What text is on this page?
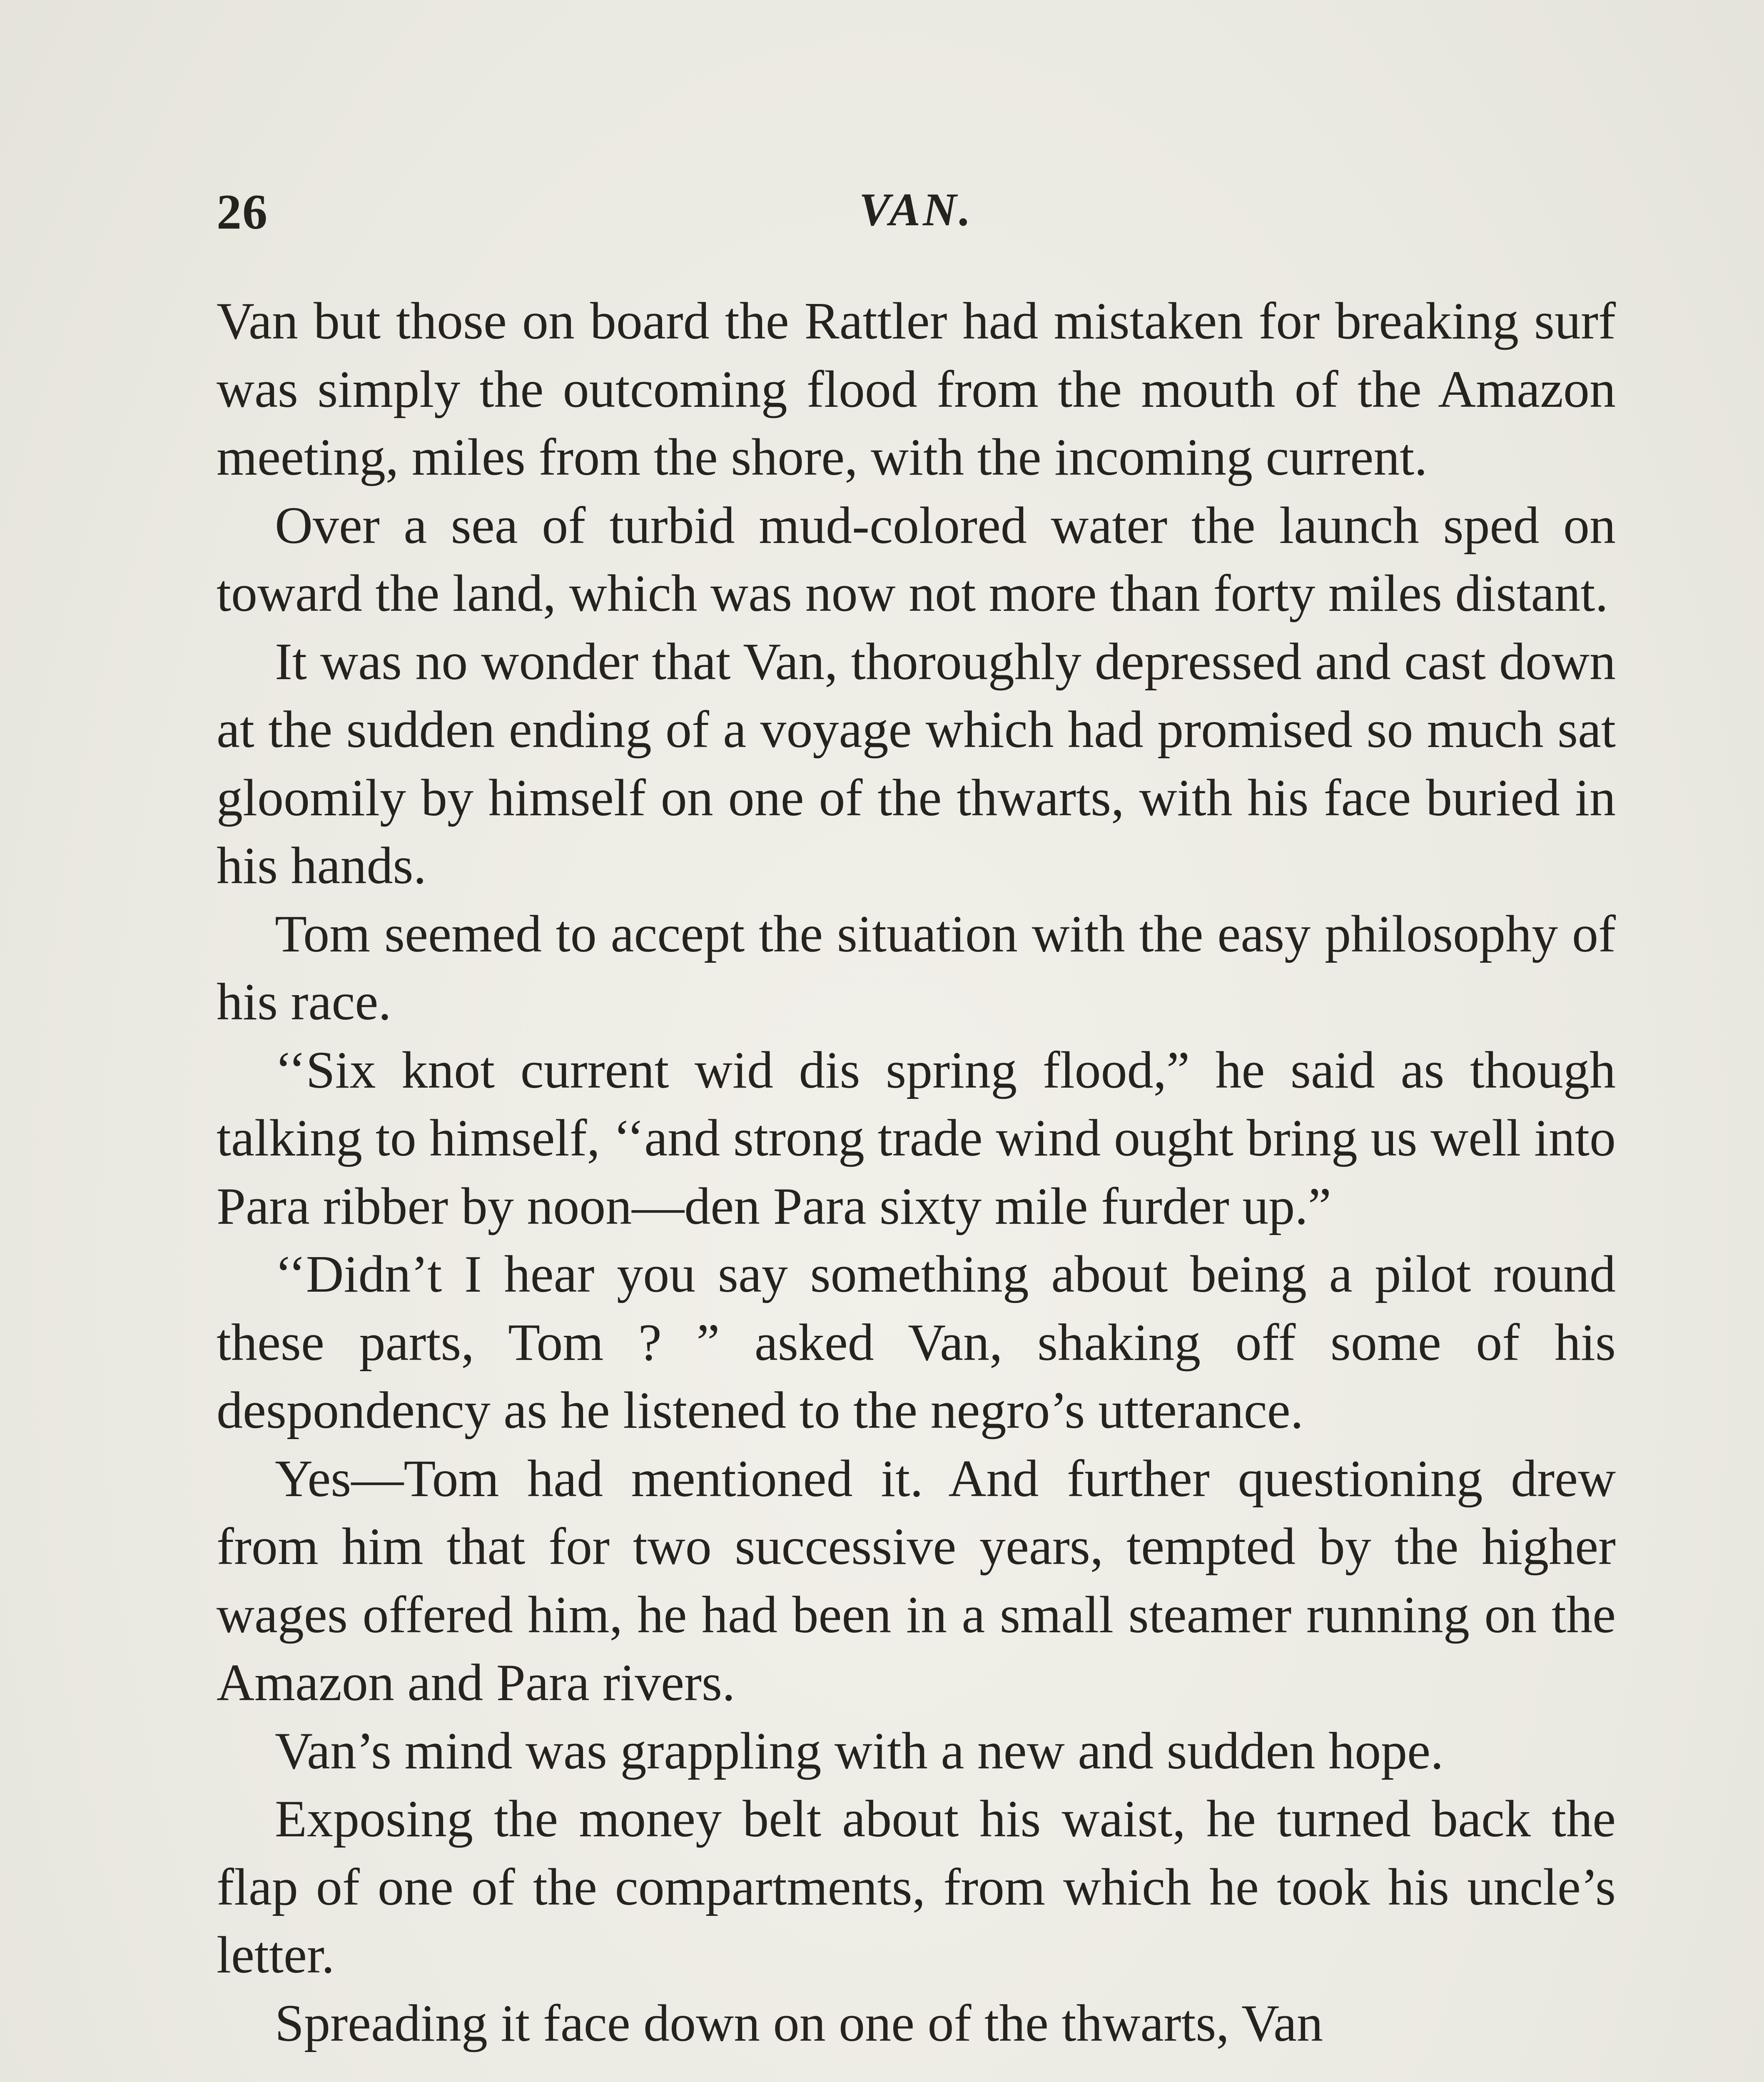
26	VAN.

Van but those on board the Rattler had mistaken for breaking surf was simply the outcoming flood from the mouth of the Amazon meeting, miles from the shore, with the incoming current.

Over a sea of turbid mud-colored water the launch sped on toward the land, which was now not more than forty miles distant.

It was no wonder that Van, thoroughly depressed and cast down at the sudden ending of a voyage which had promised so much sat gloomily by himself on one of the thwarts, with his face buried in his hands.

Tom seemed to accept the situation with the easy philosophy of his race.

‘‘Six knot current wid dis spring flood,” he said as though talking to himself, ‘‘and strong trade wind ought bring us well into Para ribber by noon—den Para sixty mile furder up.”

‘‘Didn’t I hear you say something about being a pilot round these parts, Tom ? ” asked Van, shaking off some of his despondency as he listened to the negro’s utterance.

Yes—Tom had mentioned it. And further questioning drew from him that for two successive years, tempted by the higher wages offered him, he had been in a small steamer running on the Amazon and Para rivers.

Van’s mind was grappling with a new and sudden hope.

Exposing the money belt about his waist, he turned back the flap of one of the compartments, from which he took his uncle’s letter.

Spreading it face down on one of the thwarts, Van
